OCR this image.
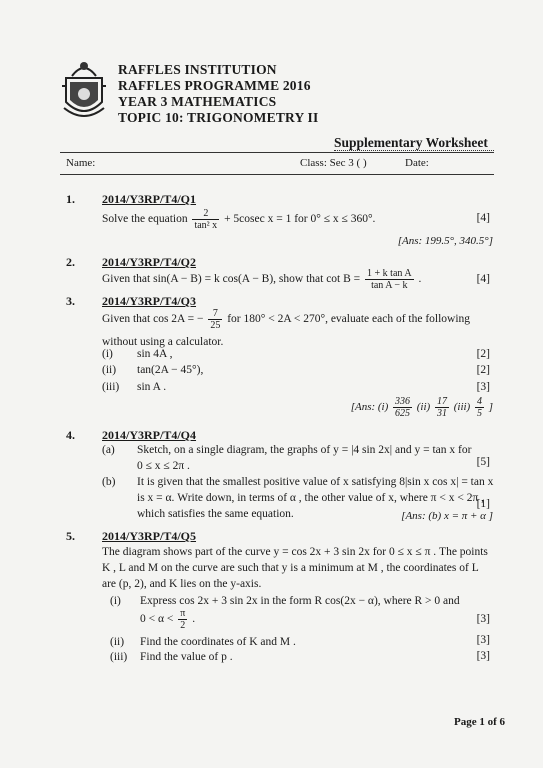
RAFFLES INSTITUTION
RAFFLES PROGRAMME 2016
YEAR 3 MATHEMATICS
TOPIC 10: TRIGONOMETRY II
Supplementary Worksheet
Name:	Class: Sec 3 ( )	Date:
1. 2014/Y3RP/T4/Q1
Solve the equation $\frac{2}{\text{tan² x}} + 5cosec$ x = 1 for 0° ≤ x ≤ 360°.	[4]
[Ans: 199.5°, 340.5°]
2. 2014/Y3RP/T4/Q2
Given that sin(A − B) = k cos(A − B), show that $\cot B = \frac{\text{1 + k tan A}}{\text{tan A − k}}$ .	[4]
3. 2014/Y3RP/T4/Q3
Given that cos 2A = − $\frac{7}{25}$ for 180° < 2A < 270°, evaluate each of the following
without using a calculator.
(i) sin 4A ,	[2]
(ii) tan(2A − 45°),	[2]
(iii) sin A .	[3]
[Ans: $(i) \frac{336}{625} (ii) \frac{17}{31} (iii) \frac{4}{5}$ ]
4. 2014/Y3RP/T4/Q4
(a) Sketch, on a single diagram, the graphs of y = |4 sin 2x| and y = tan x for
0 ≤ x ≤ 2π .	[5]
(b) It is given that the smallest positive value of x satisfying 8|sin x cos x| = tan x
is x = α. Write down, in terms of α , the other value of x, where π < x < 2π ,
which satisfies the same equation.
[1]
[Ans: (b) x = π + α ]
5. 2014/Y3RP/T4/Q5
The diagram shows part of the curve y = cos 2x + 3 sin 2x for 0 ≤ x ≤ π . The points
K , L and M on the curve are such that y is a minimum at M , the coordinates of L
are (p, 2), and K lies on the y-axis.
(i) Express cos 2x + 3 sin 2x in the form R cos(2x − α), where R > 0 and
$0 < \alpha < \frac{\pi}{2}$ .	[3]
(ii) Find the coordinates of K and M .	[3]
(iii) Find the value of p .	[3]
Page 1 of 6
